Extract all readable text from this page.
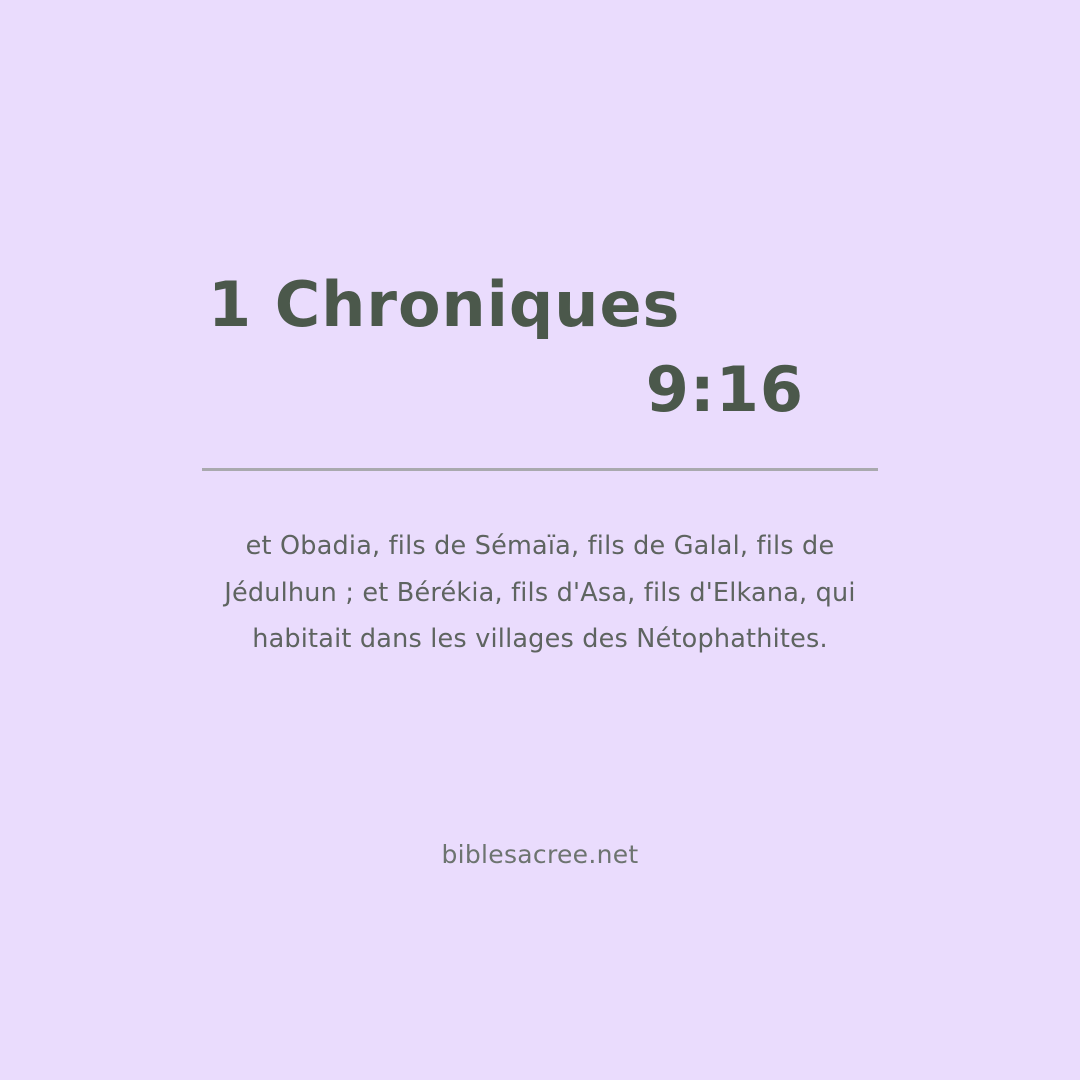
1 Chroniques
9:16
et Obadia, fils de Sémaïa, fils de Galal, fils de Jédulhun ; et Bérékia, fils d'Asa, fils d'Elkana, qui habitait dans les villages des Nétophathites.
biblesacree.net
